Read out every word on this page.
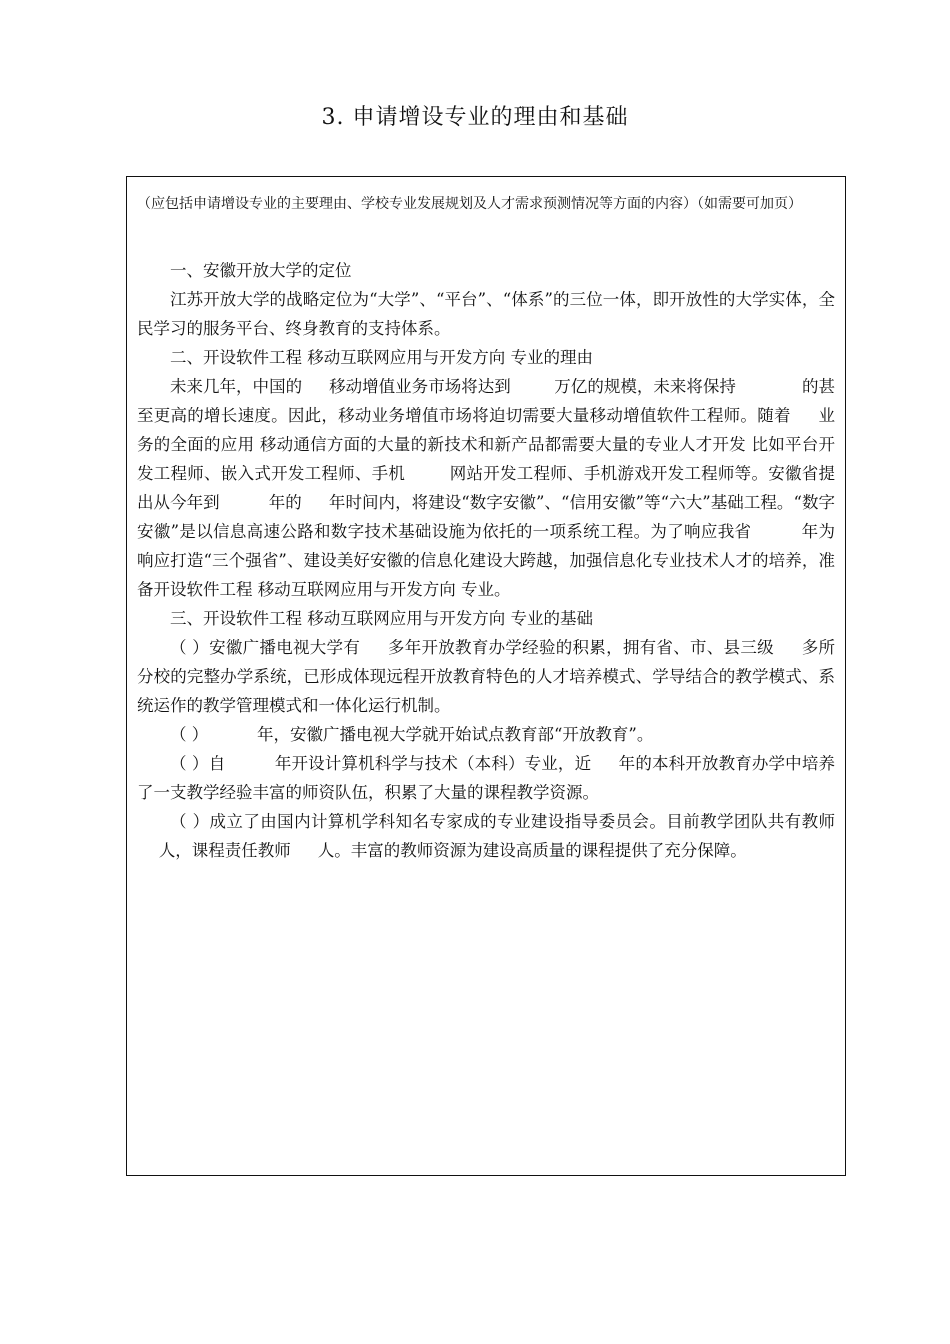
3. 申请增设专业的理由和基础
（应包括申请增设专业的主要理由、学校专业发展规划及人才需求预测情况等方面的内容）（如需要可加页）

一、安徽开放大学的定位

江苏开放大学的战略定位为“大学”、“平台”、“体系”的三位一体，即开放性的大学实体，全民学习的服务平台、终身教育的支持体系。

二、开设软件工程 移动互联网应用与开发方向 专业的理由

未来几年，中国的 　 移动增值业务市场将达到 　 　万亿的规模，未来将保持　　　　的甚至更高的增长速度。因此，移动业务增值市场将迫切需要大量移动增值软件工程师。随着 　 业务的全面的应用 移动通信方面的大量的新技术和新产品都需要大量的专业人才开发 比如平台开发工程师、嵌入式开发工程师、手机 　 　网站开发工程师、手机游戏开发工程师等。安徽省提出从今年到 　 　 年的 　 年时间内，将建设“数字安徽”、“信用安徽”等“六大”基础工程。“数字安徽”是以信息高速公路和数字技术基础设施为依托的一项系统工程。为了响应我省 　 　 年为响应打造“三个强省”、建设美好安徽的信息化建设大跨越，加强信息化专业技术人才的培养，准备开设软件工程 移动互联网应用与开发方向 专业。

三、开设软件工程 移动互联网应用与开发方向 专业的基础

（ ）安徽广播电视大学有 　 多年开放教育办学经验的积累，拥有省、市、县三级 　 多所分校的完整办学系统，已形成体现远程开放教育特色的人才培养模式、学导结合的教学模式、系统运作的教学管理模式和一体化运行机制。

（ ） 　 　 年，安徽广播电视大学就开始试点教育部“开放教育”。

（ ）自 　 　 年开设计算机科学与技术（本科）专业，近 　 年的本科开放教育办学中培养了一支教学经验丰富的师资队伍，积累了大量的课程教学资源。

（ ）成立了由国内计算机学科知名专家成的专业建设指导委员会。目前教学团队共有教师 　 人，课程责任教师 　 人。丰富的教师资源为建设高质量的课程提供了充分保障。
